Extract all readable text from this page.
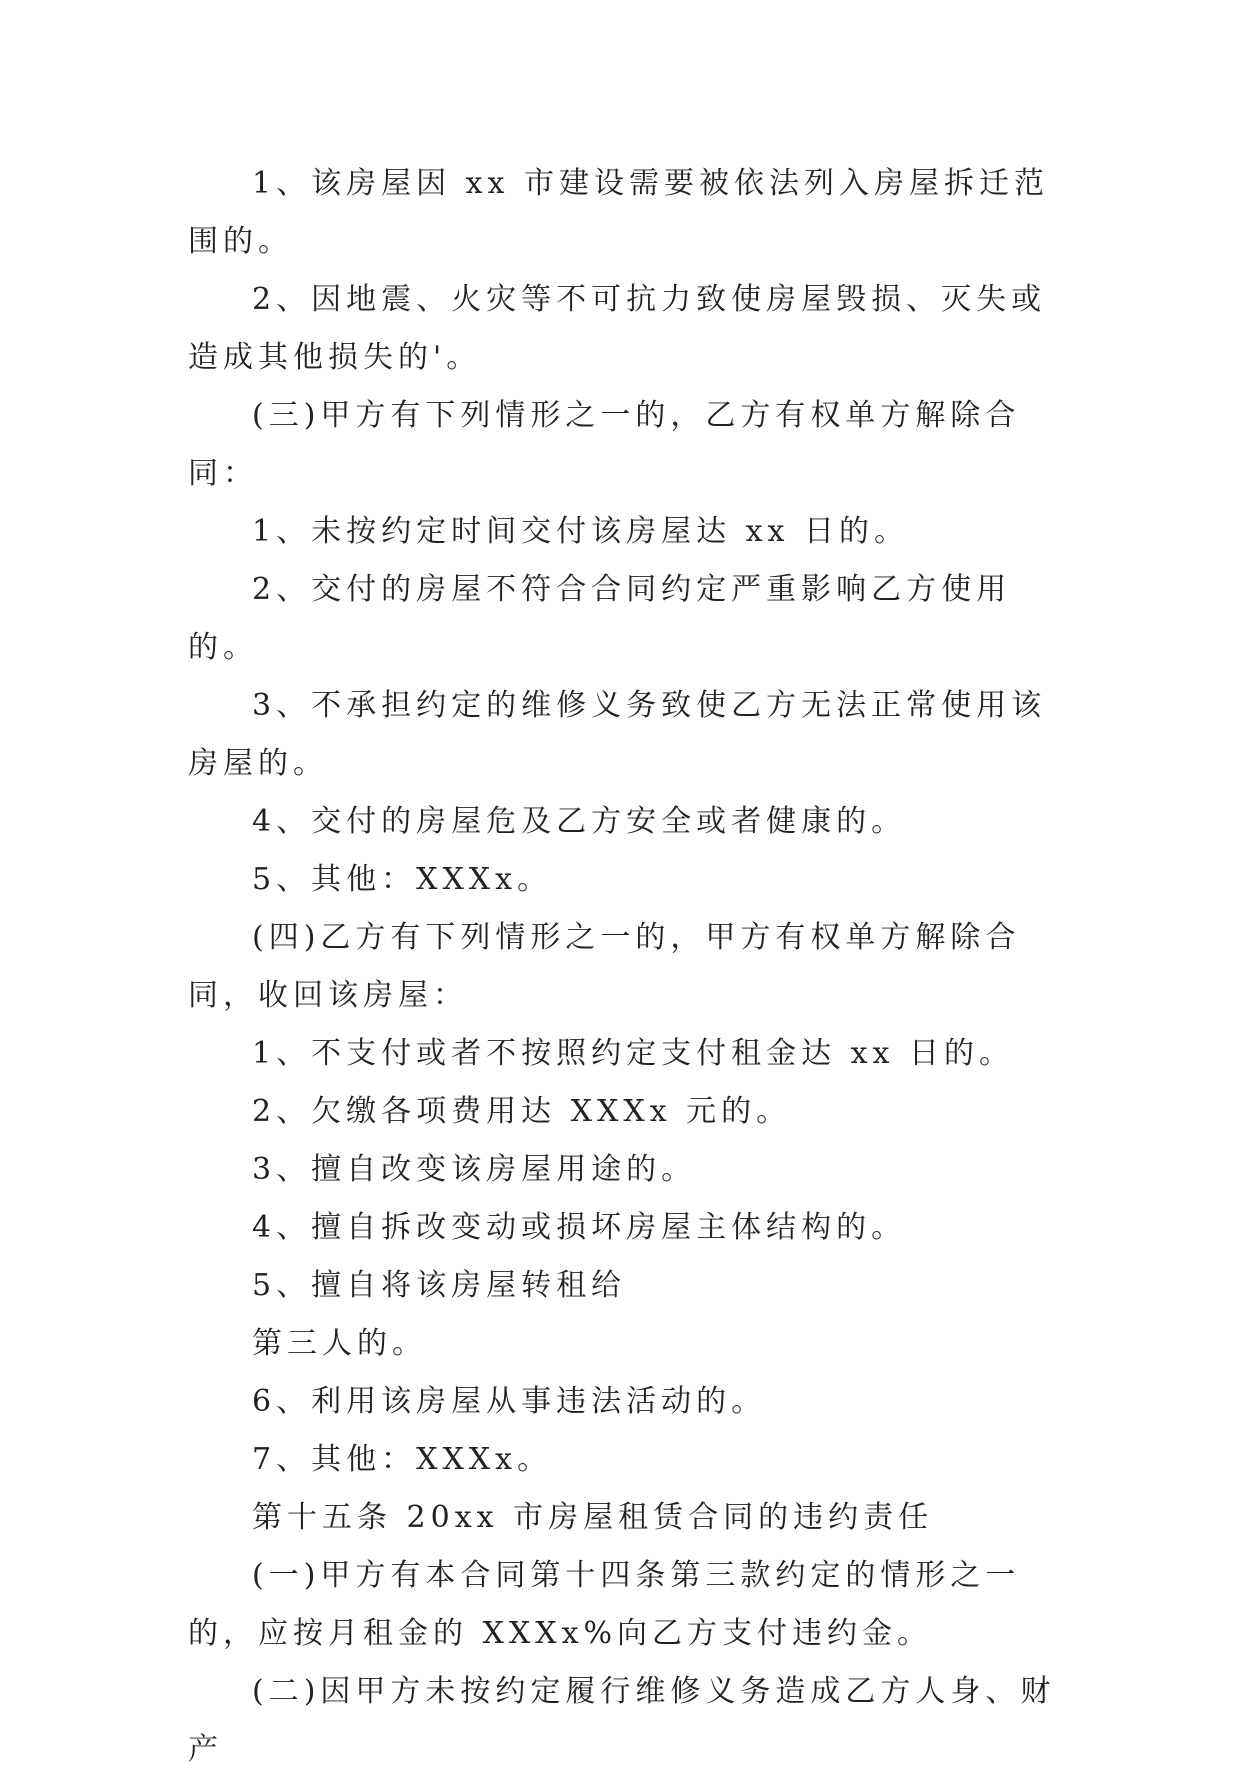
1、该房屋因 xx 市建设需要被依法列入房屋拆迁范围的。

2、因地震、火灾等不可抗力致使房屋毁损、灭失或造成其他损失的'。

(三)甲方有下列情形之一的，乙方有权单方解除合同：

1、未按约定时间交付该房屋达 xx 日的。

2、交付的房屋不符合合同约定严重影响乙方使用的。

3、不承担约定的维修义务致使乙方无法正常使用该房屋的。

4、交付的房屋危及乙方安全或者健康的。

5、其他：XXXx。

(四)乙方有下列情形之一的，甲方有权单方解除合同，收回该房屋：

1、不支付或者不按照约定支付租金达 xx 日的。

2、欠缴各项费用达 XXXx 元的。

3、擅自改变该房屋用途的。

4、擅自拆改变动或损坏房屋主体结构的。

5、擅自将该房屋转租给

第三人的。

6、利用该房屋从事违法活动的。

7、其他：XXXx。

第十五条 20xx 市房屋租赁合同的违约责任

(一)甲方有本合同第十四条第三款约定的情形之一的，应按月租金的 XXXx%向乙方支付违约金。

(二)因甲方未按约定履行维修义务造成乙方人身、财产
